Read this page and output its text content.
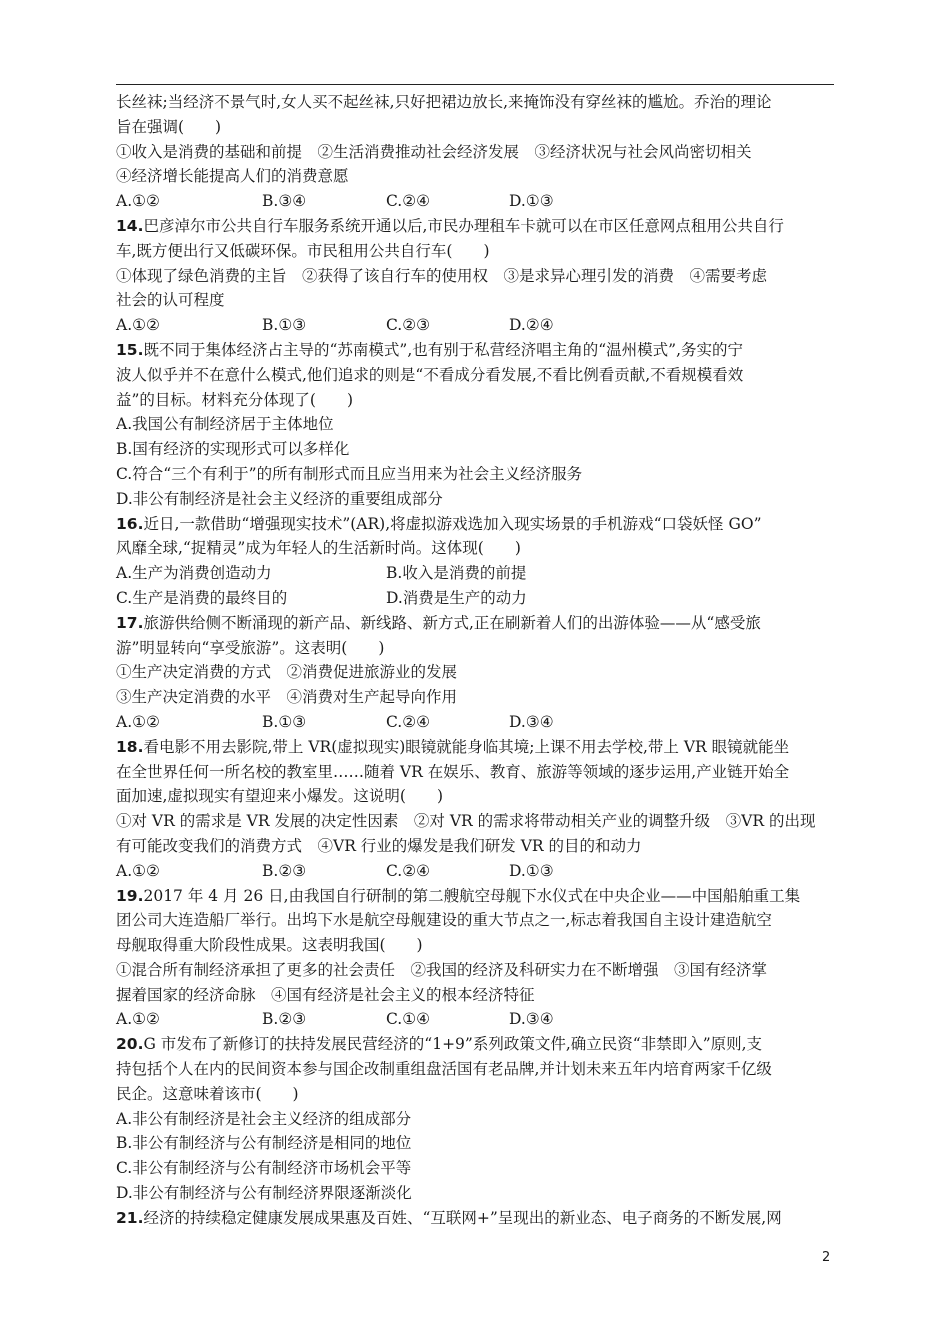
长丝袜;当经济不景气时,女人买不起丝袜,只好把裙边放长,来掩饰没有穿丝袜的尴尬。乔治的理论
旨在强调(　　)
①收入是消费的基础和前提　②生活消费推动社会经济发展　③经济状况与社会风尚密切相关
④经济增长能提高人们的消费意愿
A.①②	B.③④	C.②④	D.①③
14.巴彦淖尔市公共自行车服务系统开通以后,市民办理租车卡就可以在市区任意网点租用公共自行
车,既方便出行又低碳环保。市民租用公共自行车(　　)
①体现了绿色消费的主旨　②获得了该自行车的使用权　③是求异心理引发的消费　④需要考虑
社会的认可程度
A.①②	B.①③	C.②③	D.②④
15.既不同于集体经济占主导的“苏南模式”,也有别于私营经济唱主角的“温州模式”,务实的宁
波人似乎并不在意什么模式,他们追求的则是“不看成分看发展,不看比例看贡献,不看规模看效
益”的目标。材料充分体现了(　　)
A.我国公有制经济居于主体地位
B.国有经济的实现形式可以多样化
C.符合“三个有利于”的所有制形式而且应当用来为社会主义经济服务
D.非公有制经济是社会主义经济的重要组成部分
16.近日,一款借助“增强现实技术”(AR),将虚拟游戏选加入现实场景的手机游戏“口袋妖怪 GO”
风靡全球,“捉精灵”成为年轻人的生活新时尚。这体现(　　)
A.生产为消费创造动力	B.收入是消费的前提
C.生产是消费的最终目的	D.消费是生产的动力
17.旅游供给侧不断涌现的新产品、新线路、新方式,正在刷新着人们的出游体验——从“感受旅
游”明显转向“享受旅游”。这表明(　　)
①生产决定消费的方式　②消费促进旅游业的发展
③生产决定消费的水平　④消费对生产起导向作用
A.①②	B.①③	C.②④	D.③④
18.看电影不用去影院,带上 VR(虚拟现实)眼镜就能身临其境;上课不用去学校,带上 VR 眼镜就能坐
在全世界任何一所名校的教室里……随着 VR 在娱乐、教育、旅游等领域的逐步运用,产业链开始全
面加速,虚拟现实有望迎来小爆发。这说明(　　)
①对 VR 的需求是 VR 发展的决定性因素　②对 VR 的需求将带动相关产业的调整升级　③VR 的出现
有可能改变我们的消费方式　④VR 行业的爆发是我们研发 VR 的目的和动力
A.①②	B.②③	C.②④	D.①③
19.2017 年 4 月 26 日,由我国自行研制的第二艘航空母舰下水仪式在中央企业——中国船舶重工集
团公司大连造船厂举行。出坞下水是航空母舰建设的重大节点之一,标志着我国自主设计建造航空
母舰取得重大阶段性成果。这表明我国(　　)
①混合所有制经济承担了更多的社会责任　②我国的经济及科研实力在不断增强　③国有经济掌
握着国家的经济命脉　④国有经济是社会主义的根本经济特征
A.①②	B.②③	C.①④	D.③④
20.G 市发布了新修订的扶持发展民营经济的“1+9”系列政策文件,确立民资“非禁即入”原则,支
持包括个人在内的民间资本参与国企改制重组盘活国有老品牌,并计划未来五年内培育两家千亿级
民企。这意味着该市(　　)
A.非公有制经济是社会主义经济的组成部分
B.非公有制经济与公有制经济是相同的地位
C.非公有制经济与公有制经济市场机会平等
D.非公有制经济与公有制经济界限逐渐淡化
21.经济的持续稳定健康发展成果惠及百姓、“互联网+”呈现出的新业态、电子商务的不断发展,网
2
